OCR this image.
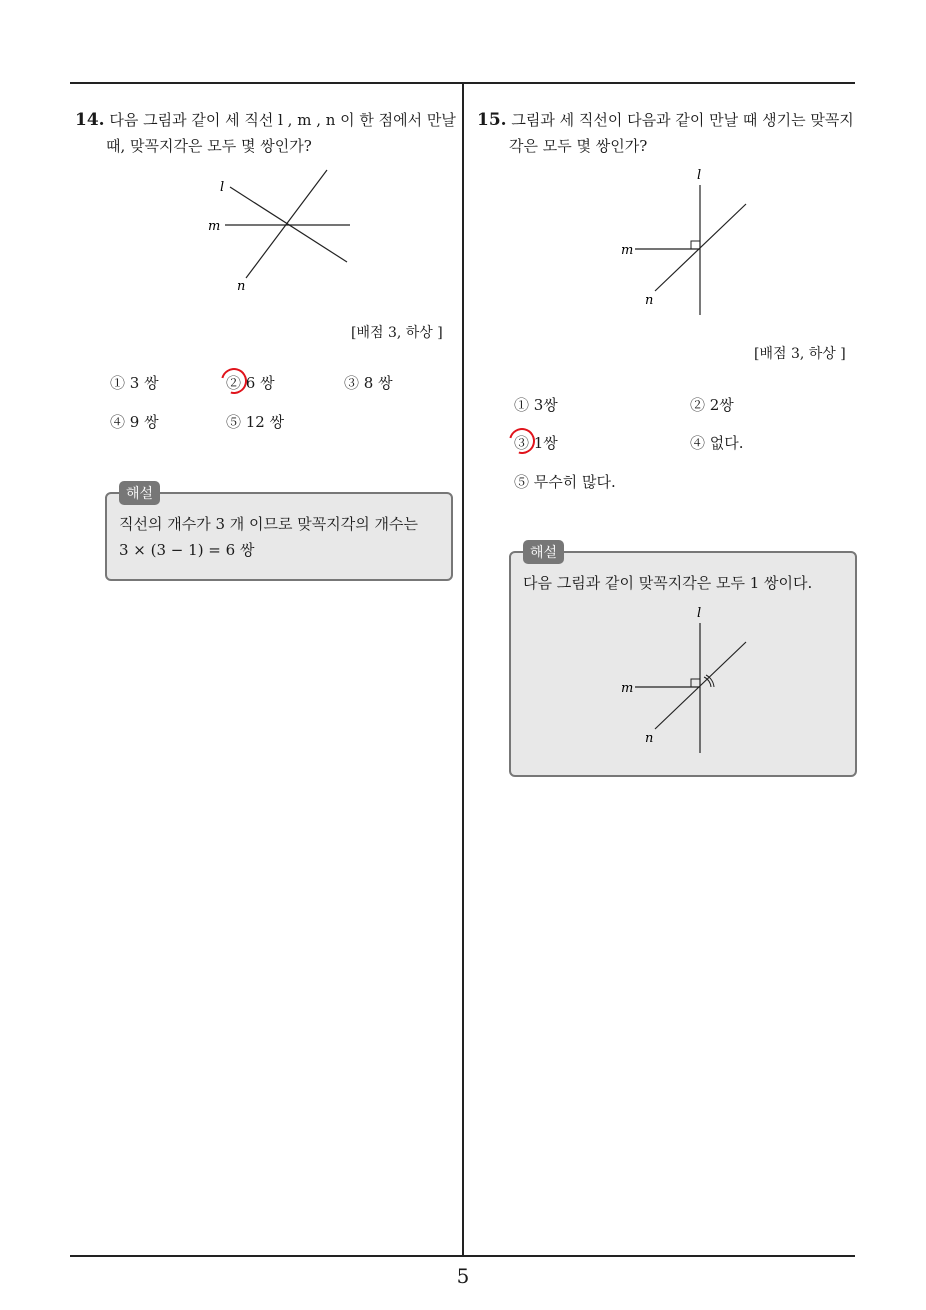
14. 다음 그림과 같이 세 직선 l , m , n 이 한 점에서 만날
때, 맞꼭지각은 모두 몇 쌍인가?
l
m
n
[배점 3, 하상 ]
① 3 쌍	② 6 쌍	③ 8 쌍
④ 9 쌍	⑤ 12 쌍
해설
직선의 개수가 3 개 이므로 맞꼭지각의 개수는
3 × (3 − 1) = 6 쌍
15. 그림과 세 직선이 다음과 같이 만날 때 생기는 맞꼭지
각은 모두 몇 쌍인가?
l
m
n
[배점 3, 하상 ]
① 3쌍	② 2쌍
③ 1쌍	④ 없다.
⑤ 무수히 많다.
해설
다음 그림과 같이 맞꼭지각은 모두 1 쌍이다.
l
m
n
5
